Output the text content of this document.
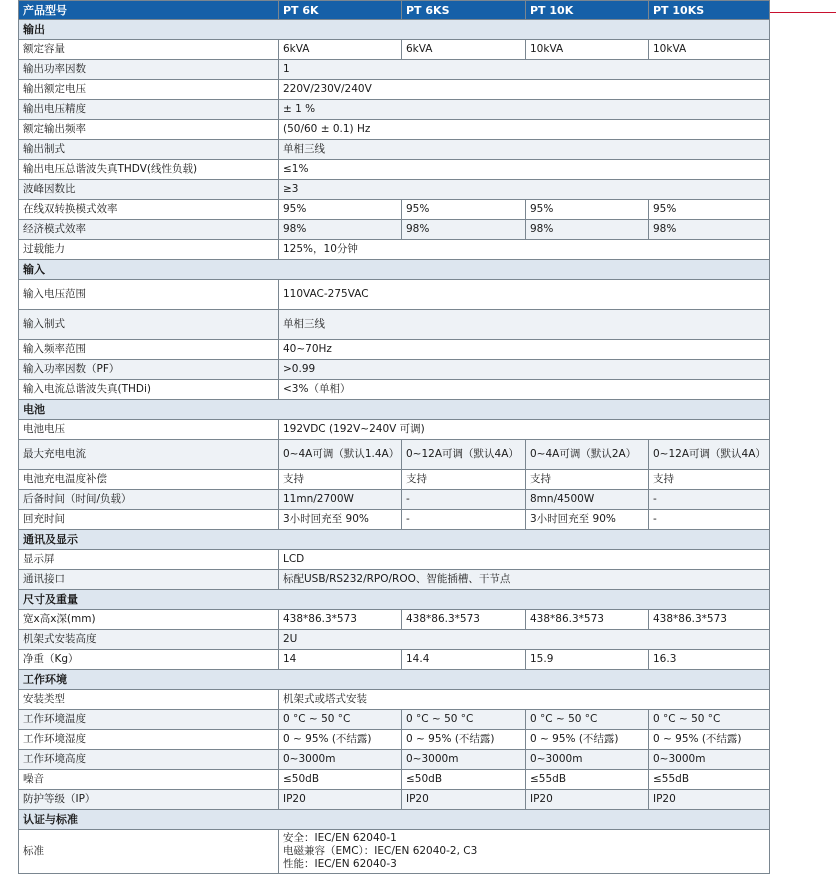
产品型号	PT 6K	PT 6KS	PT 10K	PT 10KS
输出				
额定容量	6kVA	6kVA	10kVA	10kVA
输出功率因数	1			
输出额定电压	220V/230V/240V			
输出电压精度	± 1 %			
额定输出频率	(50/60 ± 0.1) Hz			
输出制式	单相三线			
输出电压总谐波失真THDV(线性负载)	≤1%			
波峰因数比	≥3			
在线双转换模式效率	95%	95%	95%	95%
经济模式效率	98%	98%	98%	98%
过载能力	125%，10分钟			
输入				
输入电压范围	110VAC-275VAC			
输入制式	单相三线			
输入频率范围	40~70Hz			
输入功率因数（PF）	>0.99			
输入电流总谐波失真(THDi)	<3%（单相）			
电池				
电池电压	192VDC (192V~240V 可调)			
最大充电电流	0~4A可调（默认1.4A）	0~12A可调（默认4A）	0~4A可调（默认2A）	0~12A可调（默认4A）
电池充电温度补偿	支持	支持	支持	支持
后备时间（时间/负载）	11mn/2700W	-	8mn/4500W	-
回充时间	3小时回充至 90%	-	3小时回充至 90%	-
通讯及显示				
显示屏	LCD			
通讯接口	标配USB/RS232/RPO/ROO、智能插槽、干节点			
尺寸及重量				
宽x高x深(mm)	438*86.3*573	438*86.3*573	438*86.3*573	438*86.3*573
机架式安装高度	2U			
净重（Kg）	14	14.4	15.9	16.3
工作环境				
安装类型	机架式或塔式安装			
工作环境温度	0 °C ~ 50 °C	0 °C ~ 50 °C	0 °C ~ 50 °C	0 °C ~ 50 °C
工作环境湿度	0 ~ 95% (不结露)	0 ~ 95% (不结露)	0 ~ 95% (不结露)	0 ~ 95% (不结露)
工作环境高度	0~3000m	0~3000m	0~3000m	0~3000m
噪音	≤50dB	≤50dB	≤55dB	≤55dB
防护等级（IP）	IP20	IP20	IP20	IP20
认证与标准				
标准	安全：IEC/EN 62040-1
电磁兼容（EMC）：IEC/EN 62040-2, C3
性能：IEC/EN 62040-3			
